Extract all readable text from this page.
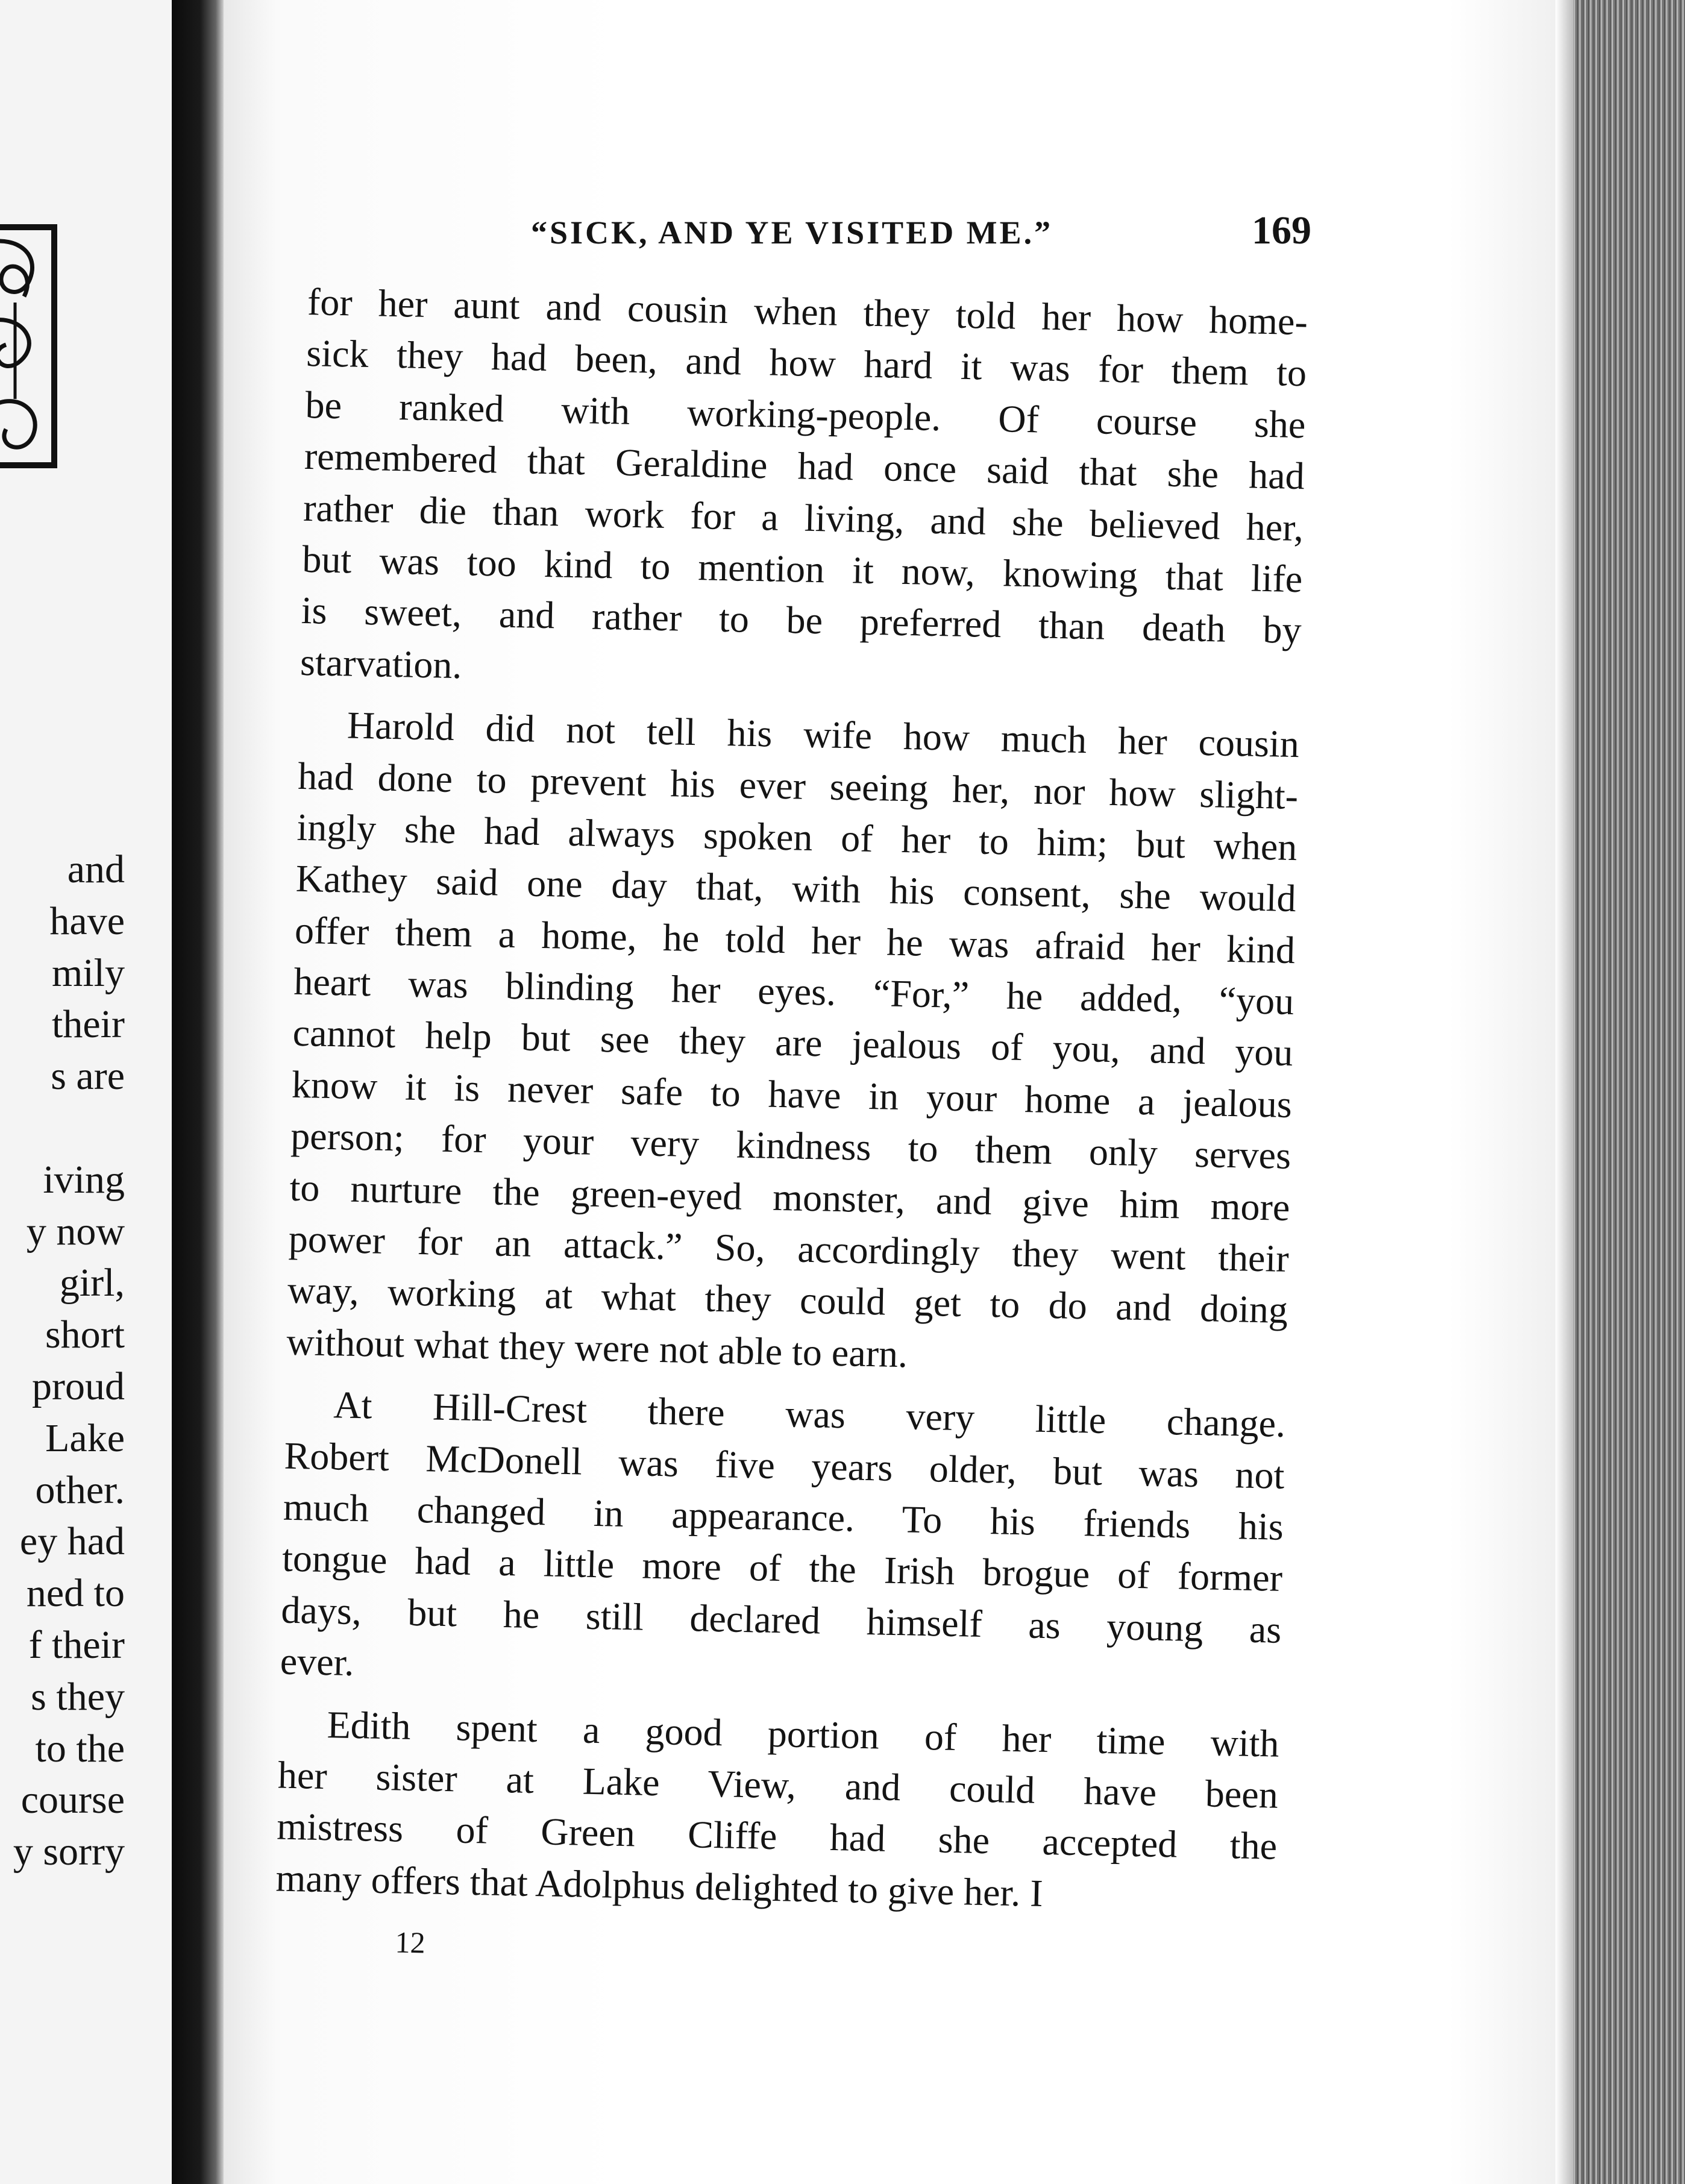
and
have
mily
their
s are
iving
y now
girl,
short
proud
Lake
other.
ey had
ned to
f their
s they
to the
course
y sorry
“SICK, AND YE VISITED ME.”	169
for her aunt and cousin when they told her how home-
sick they had been, and how hard it was for them to
be ranked with working-people. Of course she
remembered that Geraldine had once said that she had
rather die than work for a living, and she believed her,
but was too kind to mention it now, knowing that life
is sweet, and rather to be preferred than death by
starvation.
Harold did not tell his wife how much her cousin
had done to prevent his ever seeing her, nor how slight-
ingly she had always spoken of her to him; but when
Kathey said one day that, with his consent, she would
offer them a home, he told her he was afraid her kind
heart was blinding her eyes. “For,” he added, “you
cannot help but see they are jealous of you, and you
know it is never safe to have in your home a jealous
person; for your very kindness to them only serves
to nurture the green-eyed monster, and give him more
power for an attack.” So, accordingly they went their
way, working at what they could get to do and doing
without what they were not able to earn.
At Hill-Crest there was very little change.
Robert McDonell was five years older, but was not
much changed in appearance. To his friends his
tongue had a little more of the Irish brogue of former
days, but he still declared himself as young as
ever.
Edith spent a good portion of her time with
her sister at Lake View, and could have been
mistress of Green Cliffe had she accepted the
many offers that Adolphus delighted to give her. I
12
